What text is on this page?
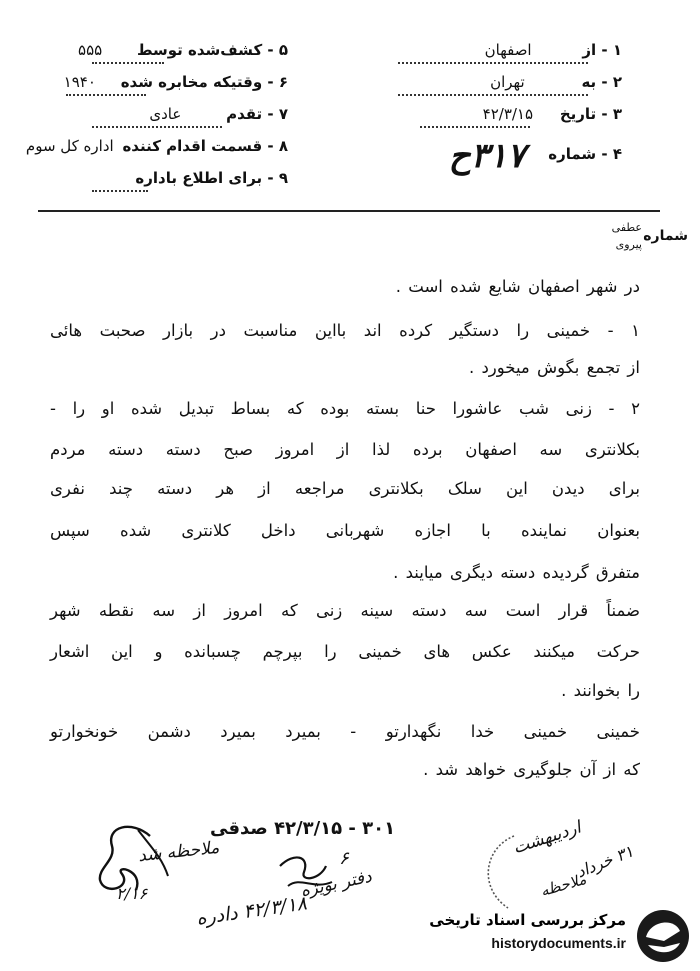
۱ - از اصفهان
۲ - به تهران
۳ - تاریخ ۴۲/۳/۱۵
۴ - شماره ۳۱۷ح
۵ - کشف‌شده توسط ۵۵۵
۶ - وقتیکه مخابره شده ۱۹۴۰
۷ - تقدم عادی
۸ - قسمت اقدام کننده اداره کل سوم
۹ - برای اطلاع باداره
شماره
عطفی
پیروی
در شهر اصفهان شایع شده است .
۱ - خمینی را دستگیر کرده اند بااین مناسبت در بازار صحبت هائی
از تجمع بگوش میخورد .
۲ - زنی شب عاشورا حنا بسته بوده که بساط تبدیل شده او را -
بکلانتری سه اصفهان برده لذا از امروز صبح دسته دسته مردم
برای دیدن این سلک بکلانتری مراجعه از هر دسته چند نفری
بعنوان نماینده با اجازه شهربانی داخل کلانتری شده سپس
متفرق گردیده دسته دیگری میایند .
ضمناً قرار است سه دسته سینه زنی که امروز از سه نقطه شهر
حرکت میکنند عکس های خمینی را بپرچم چسبانده و این اشعار
را بخوانند .
خمینی خمینی خدا نگهدارتو - بمیرد بمیرد دشمن خونخوارتو
که از آن جلوگیری خواهد شد .
۳۰۱ - ۴۲/۳/۱۵ صدقی
ملاحظه شد
۲/۱۶
۶
دفتر بویژه
۴۲/۳/۱۸ دادره
اردیبهشت
۳۱ خرداد
ملاحظه
مرکز بررسی اسناد تاریخی
historydocuments.ir
